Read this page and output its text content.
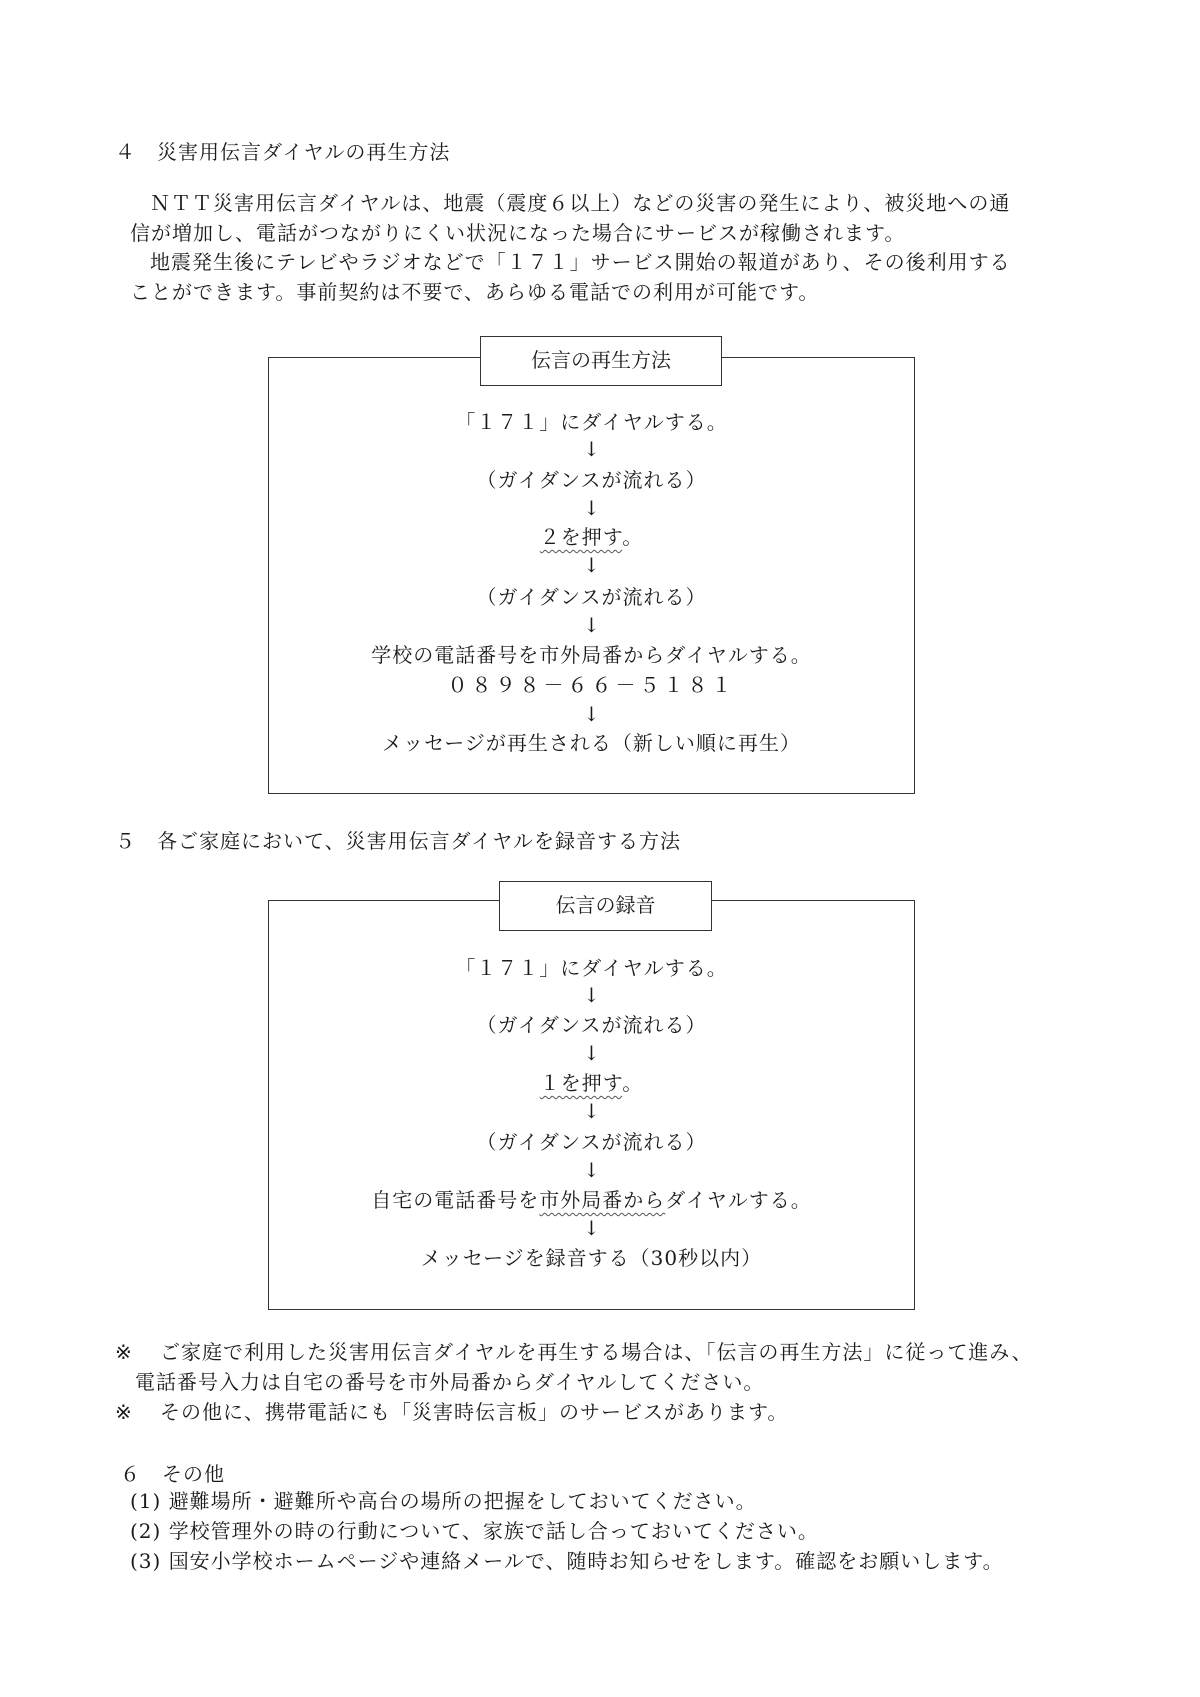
４　災害用伝言ダイヤルの再生方法
ＮＴＴ災害用伝言ダイヤルは、地震（震度６以上）などの災害の発生により、被災地への通
信が増加し、電話がつながりにくい状況になった場合にサービスが稼働されます。
地震発生後にテレビやラジオなどで「１７１」サービス開始の報道があり、その後利用する
ことができます。事前契約は不要で、あらゆる電話での利用が可能です。
「１７１」にダイヤルする。
↓
（ガイダンスが流れる）
↓
２を押す。
↓
（ガイダンスが流れる）
↓
学校の電話番号を市外局番からダイヤルする。
０８９８－６６－５１８１
↓
メッセージが再生される（新しい順に再生）
伝言の再生方法
５　各ご家庭において、災害用伝言ダイヤルを録音する方法
「１７１」にダイヤルする。
↓
（ガイダンスが流れる）
↓
１を押す。
↓
（ガイダンスが流れる）
↓
自宅の電話番号を市外局番からダイヤルする。
↓
メッセージを録音する（30秒以内）
伝言の録音
※ ご家庭で利用した災害用伝言ダイヤルを再生する場合は、「伝言の再生方法」に従って進み、
電話番号入力は自宅の番号を市外局番からダイヤルしてください。
※ その他に、携帯電話にも「災害時伝言板」のサービスがあります。
６　その他
(1) 避難場所・避難所や高台の場所の把握をしておいてください。
(2) 学校管理外の時の行動について、家族で話し合っておいてください。
(3) 国安小学校ホームページや連絡メールで、随時お知らせをします。確認をお願いします。
